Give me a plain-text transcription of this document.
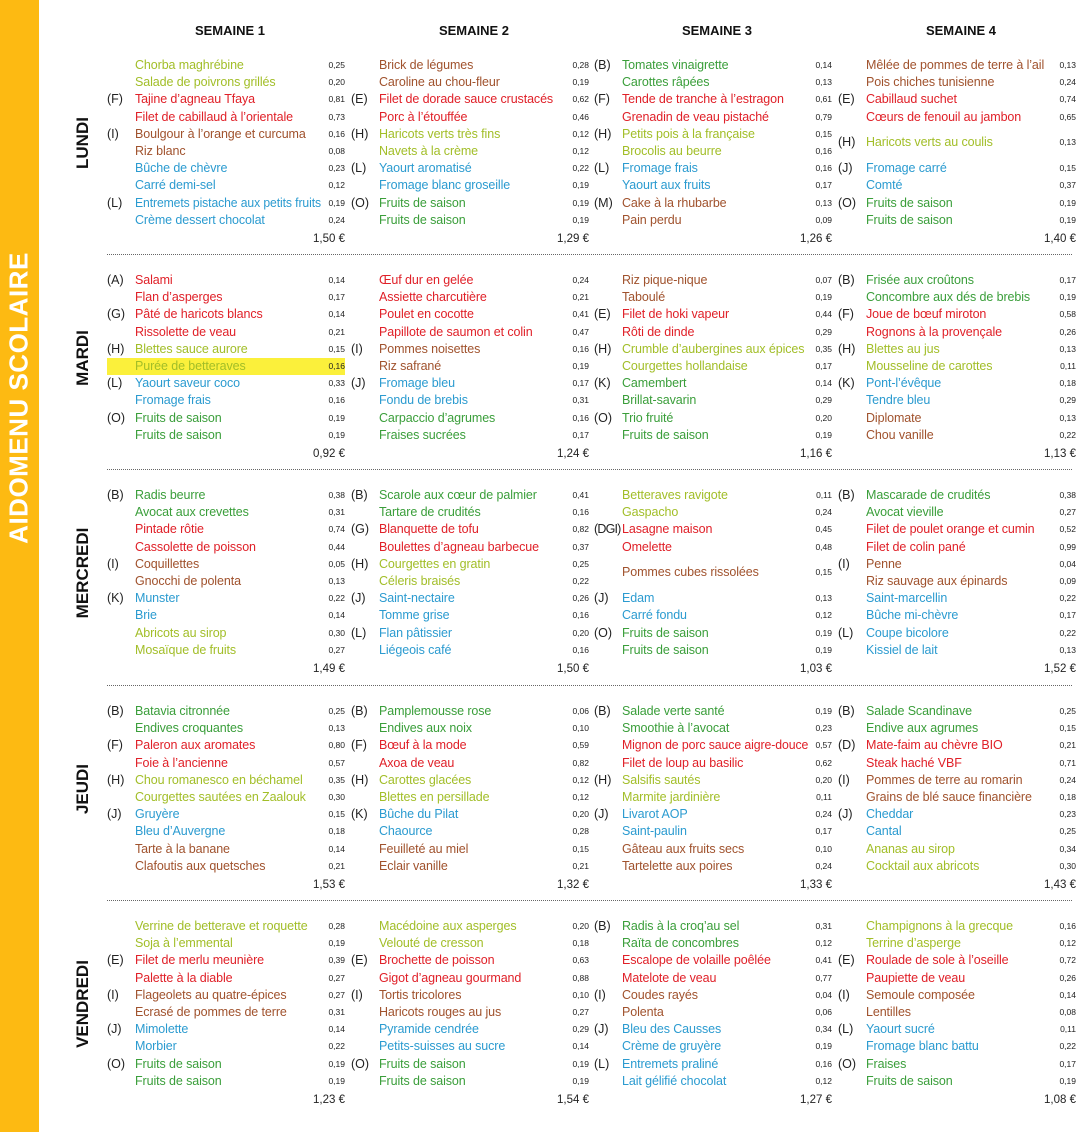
AIDOMENU SCOLAIRE
SEMAINE 1	SEMAINE 2	SEMAINE 3	SEMAINE 4
LUNDI
Chorba maghrébine	0,25
Salade de poivrons grillés	0,20
(F) Tajine d’agneau Tfaya	0,81
Filet de cabillaud à l’orientale	0,73
(I) Boulgour à l’orange et curcuma	0,16
Riz blanc	0,08
Bûche de chèvre	0,23
Carré demi-sel	0,12
(L) Entremets pistache aux petits fruits 0,19
Crème dessert chocolat	0,24
1,50 €
Brick de légumes	0,28
Caroline au chou-fleur	0,19
(E) Filet de dorade sauce crustacés 0,62
Porc à l’étouffée	0,46
(H) Haricots verts très fins	0,12
Navets à la crème	0,12
(L) Yaourt aromatisé	0,22
Fromage blanc groseille	0,19
(O) Fruits de saison	0,19
Fruits de saison	0,19
1,29 €
(B) Tomates vinaigrette	0,14
Carottes râpées	0,13
(F) Tende de tranche à l’estragon	0,61
Grenadin de veau pistaché	0,79
(H) Petits pois à la française	0,15
Brocolis au beurre	0,16
(L) Fromage frais	0,16
Yaourt aux fruits	0,17
(M) Cake à la rhubarbe	0,13
Pain perdu	0,09
1,26 €
Mêlée de pommes de terre à l’ail 0,13
Pois chiches tunisienne	0,24
(E) Cabillaud suchet	0,74
Cœurs de fenouil au jambon	0,65
(H) Haricots verts au coulis	0,13
(J) Fromage carré	0,15
Comté	0,37
(O) Fruits de saison	0,19
Fruits de saison	0,19
1,40 €
MARDI
(A) Salami	0,14
Flan d’asperges	0,17
(G) Pâté de haricots blancs	0,14
Rissolette de veau	0,21
(H) Blettes sauce aurore	0,15
Purée de betteraves	0,16
(L) Yaourt saveur coco	0,33
Fromage frais	0,16
(O) Fruits de saison	0,19
Fruits de saison	0,19
0,92 €
Œuf dur en gelée	0,24
Assiette charcutière	0,21
Poulet en cocotte	0,41
Papillote de saumon et colin	0,47
(I) Pommes noisettes	0,16
Riz safrané	0,19
(J) Fromage bleu	0,17
Fondu de brebis	0,31
Carpaccio d’agrumes	0,16
Fraises sucrées	0,17
1,24 €
Riz pique-nique	0,07
Taboulé	0,19
(E) Filet de hoki vapeur	0,44
Rôti de dinde	0,29
(H) Crumble d’aubergines aux épices 0,35
Courgettes hollandaise	0,17
(K) Camembert	0,14
Brillat-savarin	0,29
(O) Trio fruité	0,20
Fruits de saison	0,19
1,16 €
(B) Frisée aux croûtons	0,17
Concombre aux dés de brebis	0,19
(F) Joue de bœuf miroton	0,58
Rognons à la provençale	0,26
(H) Blettes au jus	0,13
Mousseline de carottes	0,11
(K) Pont-l’évêque	0,18
Tendre bleu	0,29
Diplomate	0,13
Chou vanille	0,22
1,13 €
MERCREDI
(B) Radis beurre	0,38
Avocat aux crevettes	0,31
Pintade rôtie	0,74
Cassolette de poisson	0,44
(I) Coquillettes	0,05
Gnocchi de polenta	0,13
(K) Munster	0,22
Brie	0,14
Abricots au sirop	0,30
Mosaïque de fruits	0,27
1,49 €
(B) Scarole aux cœur de palmier	0,41
Tartare de crudités	0,16
(G) Blanquette de tofu	0,82
Boulettes d’agneau barbecue	0,37
(H) Courgettes en gratin	0,25
Céleris braisés	0,22
(J) Saint-nectaire	0,26
Tomme grise	0,16
(L) Flan pâtissier	0,20
Liégeois café	0,16
1,50 €
Betteraves ravigote	0,11
Gaspacho	0,24
(DGI) Lasagne maison	0,45
Omelette	0,48
Pommes cubes rissolées	0,15
(J) Edam	0,13
Carré fondu	0,12
(O) Fruits de saison	0,19
Fruits de saison	0,19
1,03 €
(B) Mascarade de crudités	0,38
Avocat vieville	0,27
Filet de poulet orange et cumin	0,52
Filet de colin pané	0,99
(I) Penne	0,04
Riz sauvage aux épinards	0,09
Saint-marcellin	0,22
Bûche mi-chèvre	0,17
(L) Coupe bicolore	0,22
Kissiel de lait	0,13
1,52 €
JEUDI
(B) Batavia citronnée	0,25
Endives croquantes	0,13
(F) Paleron aux aromates	0,80
Foie à l’ancienne	0,57
(H) Chou romanesco en béchamel	0,35
Courgettes sautées en Zaalouk	0,30
(J) Gruyère	0,15
Bleu d’Auvergne	0,18
Tarte à la banane	0,14
Clafoutis aux quetsches	0,21
1,53 €
(B) Pamplemousse rose	0,06
Endives aux noix	0,10
(F) Bœuf à la mode	0,59
Axoa de veau	0,82
(H) Carottes glacées	0,12
Blettes en persillade	0,12
(K) Bûche du Pilat	0,20
Chaource	0,28
Feuilleté au miel	0,15
Eclair vanille	0,21
1,32 €
(B) Salade verte santé	0,19
Smoothie à l’avocat	0,23
Mignon de porc sauce aigre-douce 0,57
Filet de loup au basilic	0,62
(H) Salsifis sautés	0,20
Marmite jardinière	0,11
(J) Livarot AOP	0,24
Saint-paulin	0,17
Gâteau aux fruits secs	0,10
Tartelette aux poires	0,24
1,33 €
(B) Salade Scandinave	0,25
Endive aux agrumes	0,15
(D) Mate-faim au chèvre BIO	0,21
Steak haché VBF	0,71
(I) Pommes de terre au romarin	0,24
Grains de blé sauce financière	0,18
(J) Cheddar	0,23
Cantal	0,25
Ananas au sirop	0,34
Cocktail aux abricots	0,30
1,43 €
VENDREDI
Verrine de betterave et roquette 0,28
Soja à l’emmental	0,19
(E) Filet de merlu meunière	0,39
Palette à la diable	0,27
(I) Flageolets au quatre-épices	0,27
Ecrasé de pommes de terre	0,31
(J) Mimolette	0,14
Morbier	0,22
(O) Fruits de saison	0,19
Fruits de saison	0,19
1,23 €
Macédoine aux asperges	0,20
Velouté de cresson	0,18
(E) Brochette de poisson	0,63
Gigot d’agneau gourmand	0,88
(I) Tortis tricolores	0,10
Haricots rouges au jus	0,27
Pyramide cendrée	0,29
Petits-suisses au sucre	0,14
(O) Fruits de saison	0,19
Fruits de saison	0,19
1,54 €
(B) Radis à la croq’au sel	0,31
Raïta de concombres	0,12
Escalope de volaille poêlée	0,41
Matelote de veau	0,77
(I) Coudes rayés	0,04
Polenta	0,06
(J) Bleu des Causses	0,34
Crème de gruyère	0,19
(L) Entremets praliné	0,16
Lait gélifié chocolat	0,12
1,27 €
Champignons à la grecque	0,16
Terrine d’asperge	0,12
(E) Roulade de sole à l’oseille	0,72
Paupiette de veau	0,26
(I) Semoule composée	0,14
Lentilles	0,08
(L) Yaourt sucré	0,11
Fromage blanc battu	0,22
(O) Fraises	0,17
Fruits de saison	0,19
1,08 €
